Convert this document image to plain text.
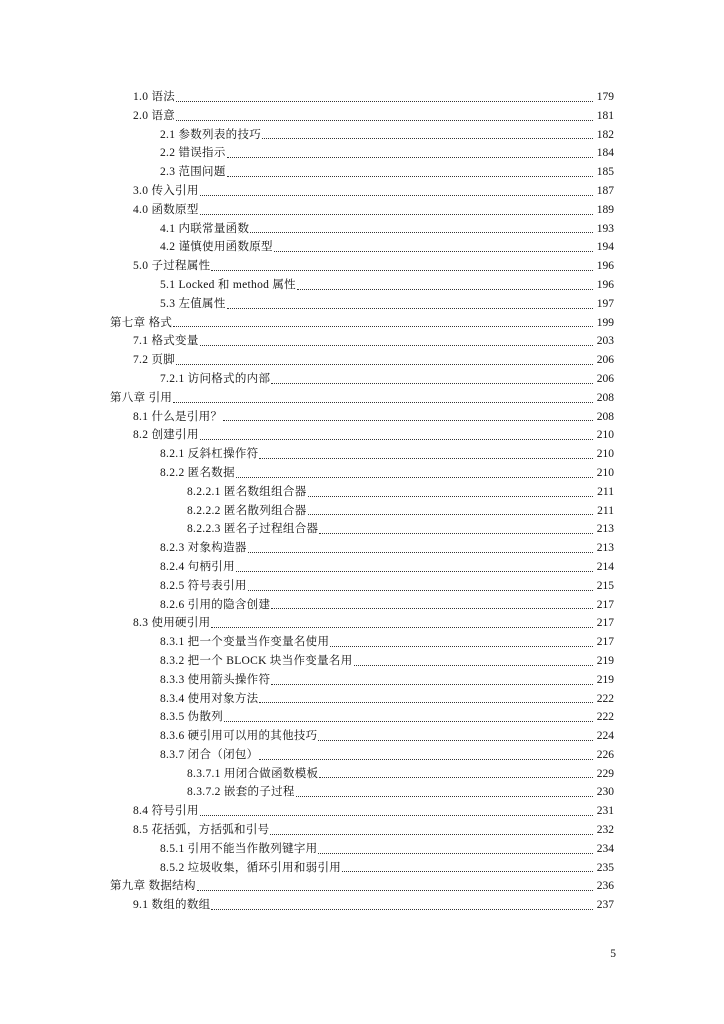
1.0 语法	179
2.0 语意	181
2.1 参数列表的技巧	182
2.2 错误指示	184
2.3 范围问题	185
3.0 传入引用	187
4.0 函数原型	189
4.1 内联常量函数	193
4.2 谨慎使用函数原型	194
5.0 子过程属性	196
5.1 Locked 和 method 属性	196
5.3 左值属性	197
第七章 格式	199
7.1 格式变量	203
7.2 页脚	206
7.2.1 访问格式的内部	206
第八章 引用	208
8.1 什么是引用？	208
8.2 创建引用	210
8.2.1 反斜杠操作符	210
8.2.2 匿名数据	210
8.2.2.1 匿名数组组合器	211
8.2.2.2 匿名散列组合器	211
8.2.2.3 匿名子过程组合器	213
8.2.3 对象构造器	213
8.2.4 句柄引用	214
8.2.5 符号表引用	215
8.2.6 引用的隐含创建	217
8.3 使用硬引用	217
8.3.1 把一个变量当作变量名使用	217
8.3.2 把一个 BLOCK 块当作变量名用	219
8.3.3 使用箭头操作符	219
8.3.4 使用对象方法	222
8.3.5 伪散列	222
8.3.6 硬引用可以用的其他技巧	224
8.3.7 闭合（闭包）	226
8.3.7.1 用闭合做函数模板	229
8.3.7.2 嵌套的子过程	230
8.4 符号引用	231
8.5 花括弧，方括弧和引号	232
8.5.1 引用不能当作散列键字用	234
8.5.2 垃圾收集，循环引用和弱引用	235
第九章 数据结构	236
9.1 数组的数组	237
5
